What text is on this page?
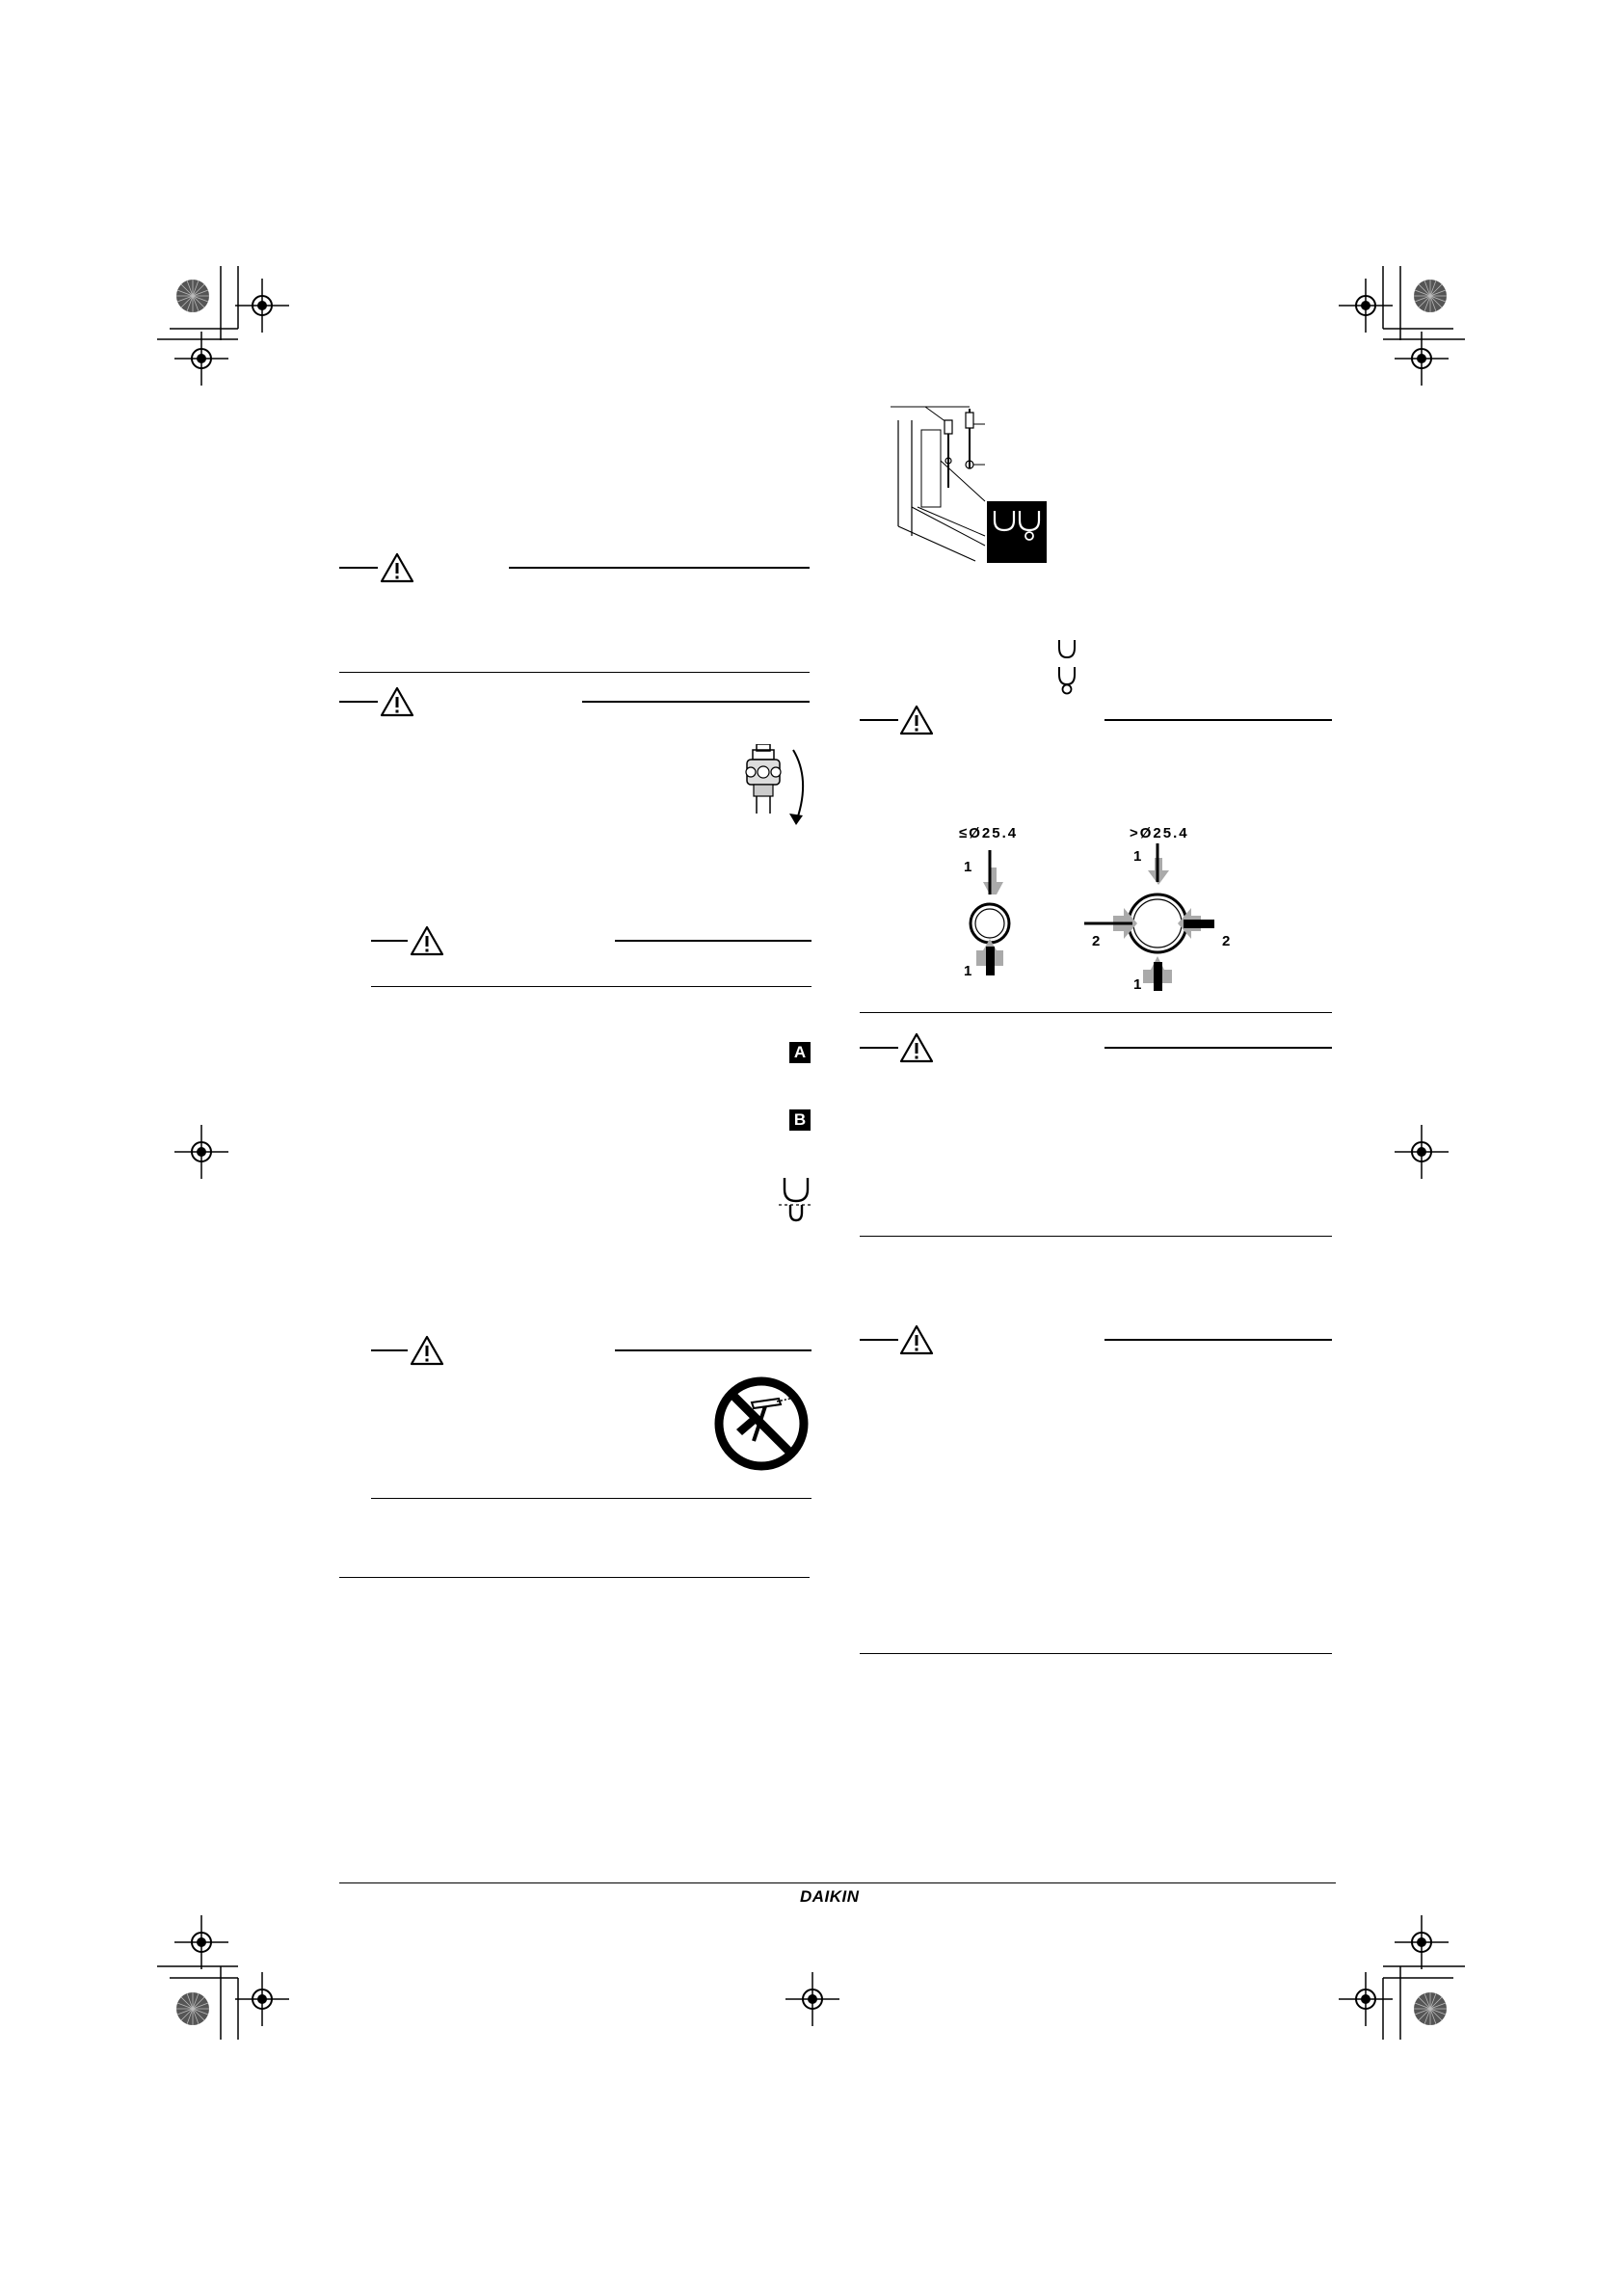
A
B
≤Ø25.4	>Ø25.4
1
1
1
1
2	2
DAIKIN
